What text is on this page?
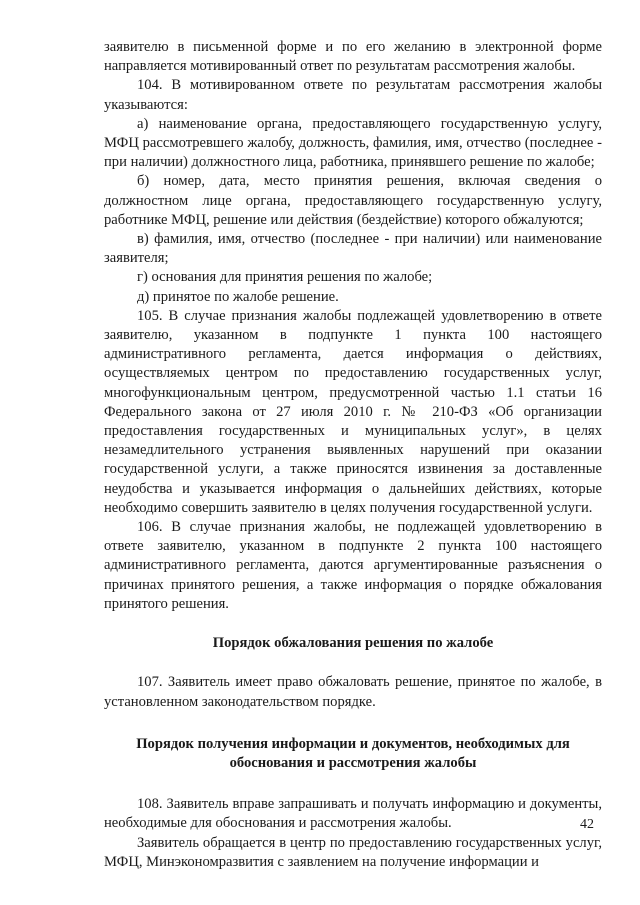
заявителю в письменной форме и по его желанию в электронной форме направляется мотивированный ответ по результатам рассмотрения жалобы.

104. В мотивированном ответе по результатам рассмотрения жалобы указываются:

а) наименование органа, предоставляющего государственную услугу, МФЦ рассмотревшего жалобу, должность, фамилия, имя, отчество (последнее - при наличии) должностного лица, работника, принявшего решение по жалобе;

б) номер, дата, место принятия решения, включая сведения о должностном лице органа, предоставляющего государственную услугу, работнике МФЦ, решение или действия (бездействие) которого обжалуются;

в) фамилия, имя, отчество (последнее - при наличии) или наименование заявителя;

г) основания для принятия решения по жалобе;

д) принятое по жалобе решение.

105. В случае признания жалобы подлежащей удовлетворению в ответе заявителю, указанном в подпункте 1 пункта 100 настоящего административного регламента, дается информация о действиях, осуществляемых центром по предоставлению государственных услуг, многофункциональным центром, предусмотренной частью 1.1 статьи 16 Федерального закона от 27 июля 2010 г. № 210-ФЗ «Об организации предоставления государственных и муниципальных услуг», в целях незамедлительного устранения выявленных нарушений при оказании государственной услуги, а также приносятся извинения за доставленные неудобства и указывается информация о дальнейших действиях, которые необходимо совершить заявителю в целях получения государственной услуги.

106. В случае признания жалобы, не подлежащей удовлетворению в ответе заявителю, указанном в подпункте 2 пункта 100 настоящего административного регламента, даются аргументированные разъяснения о причинах принятого решения, а также информация о порядке обжалования принятого решения.

Порядок обжалования решения по жалобе

107. Заявитель имеет право обжаловать решение, принятое по жалобе, в установленном законодательством порядке.

Порядок получения информации и документов, необходимых для обоснования и рассмотрения жалобы

108. Заявитель вправе запрашивать и получать информацию и документы, необходимые для обоснования и рассмотрения жалобы.

Заявитель обращается в центр по предоставлению государственных услуг, МФЦ, Минэкономразвития с заявлением на получение информации и

42
